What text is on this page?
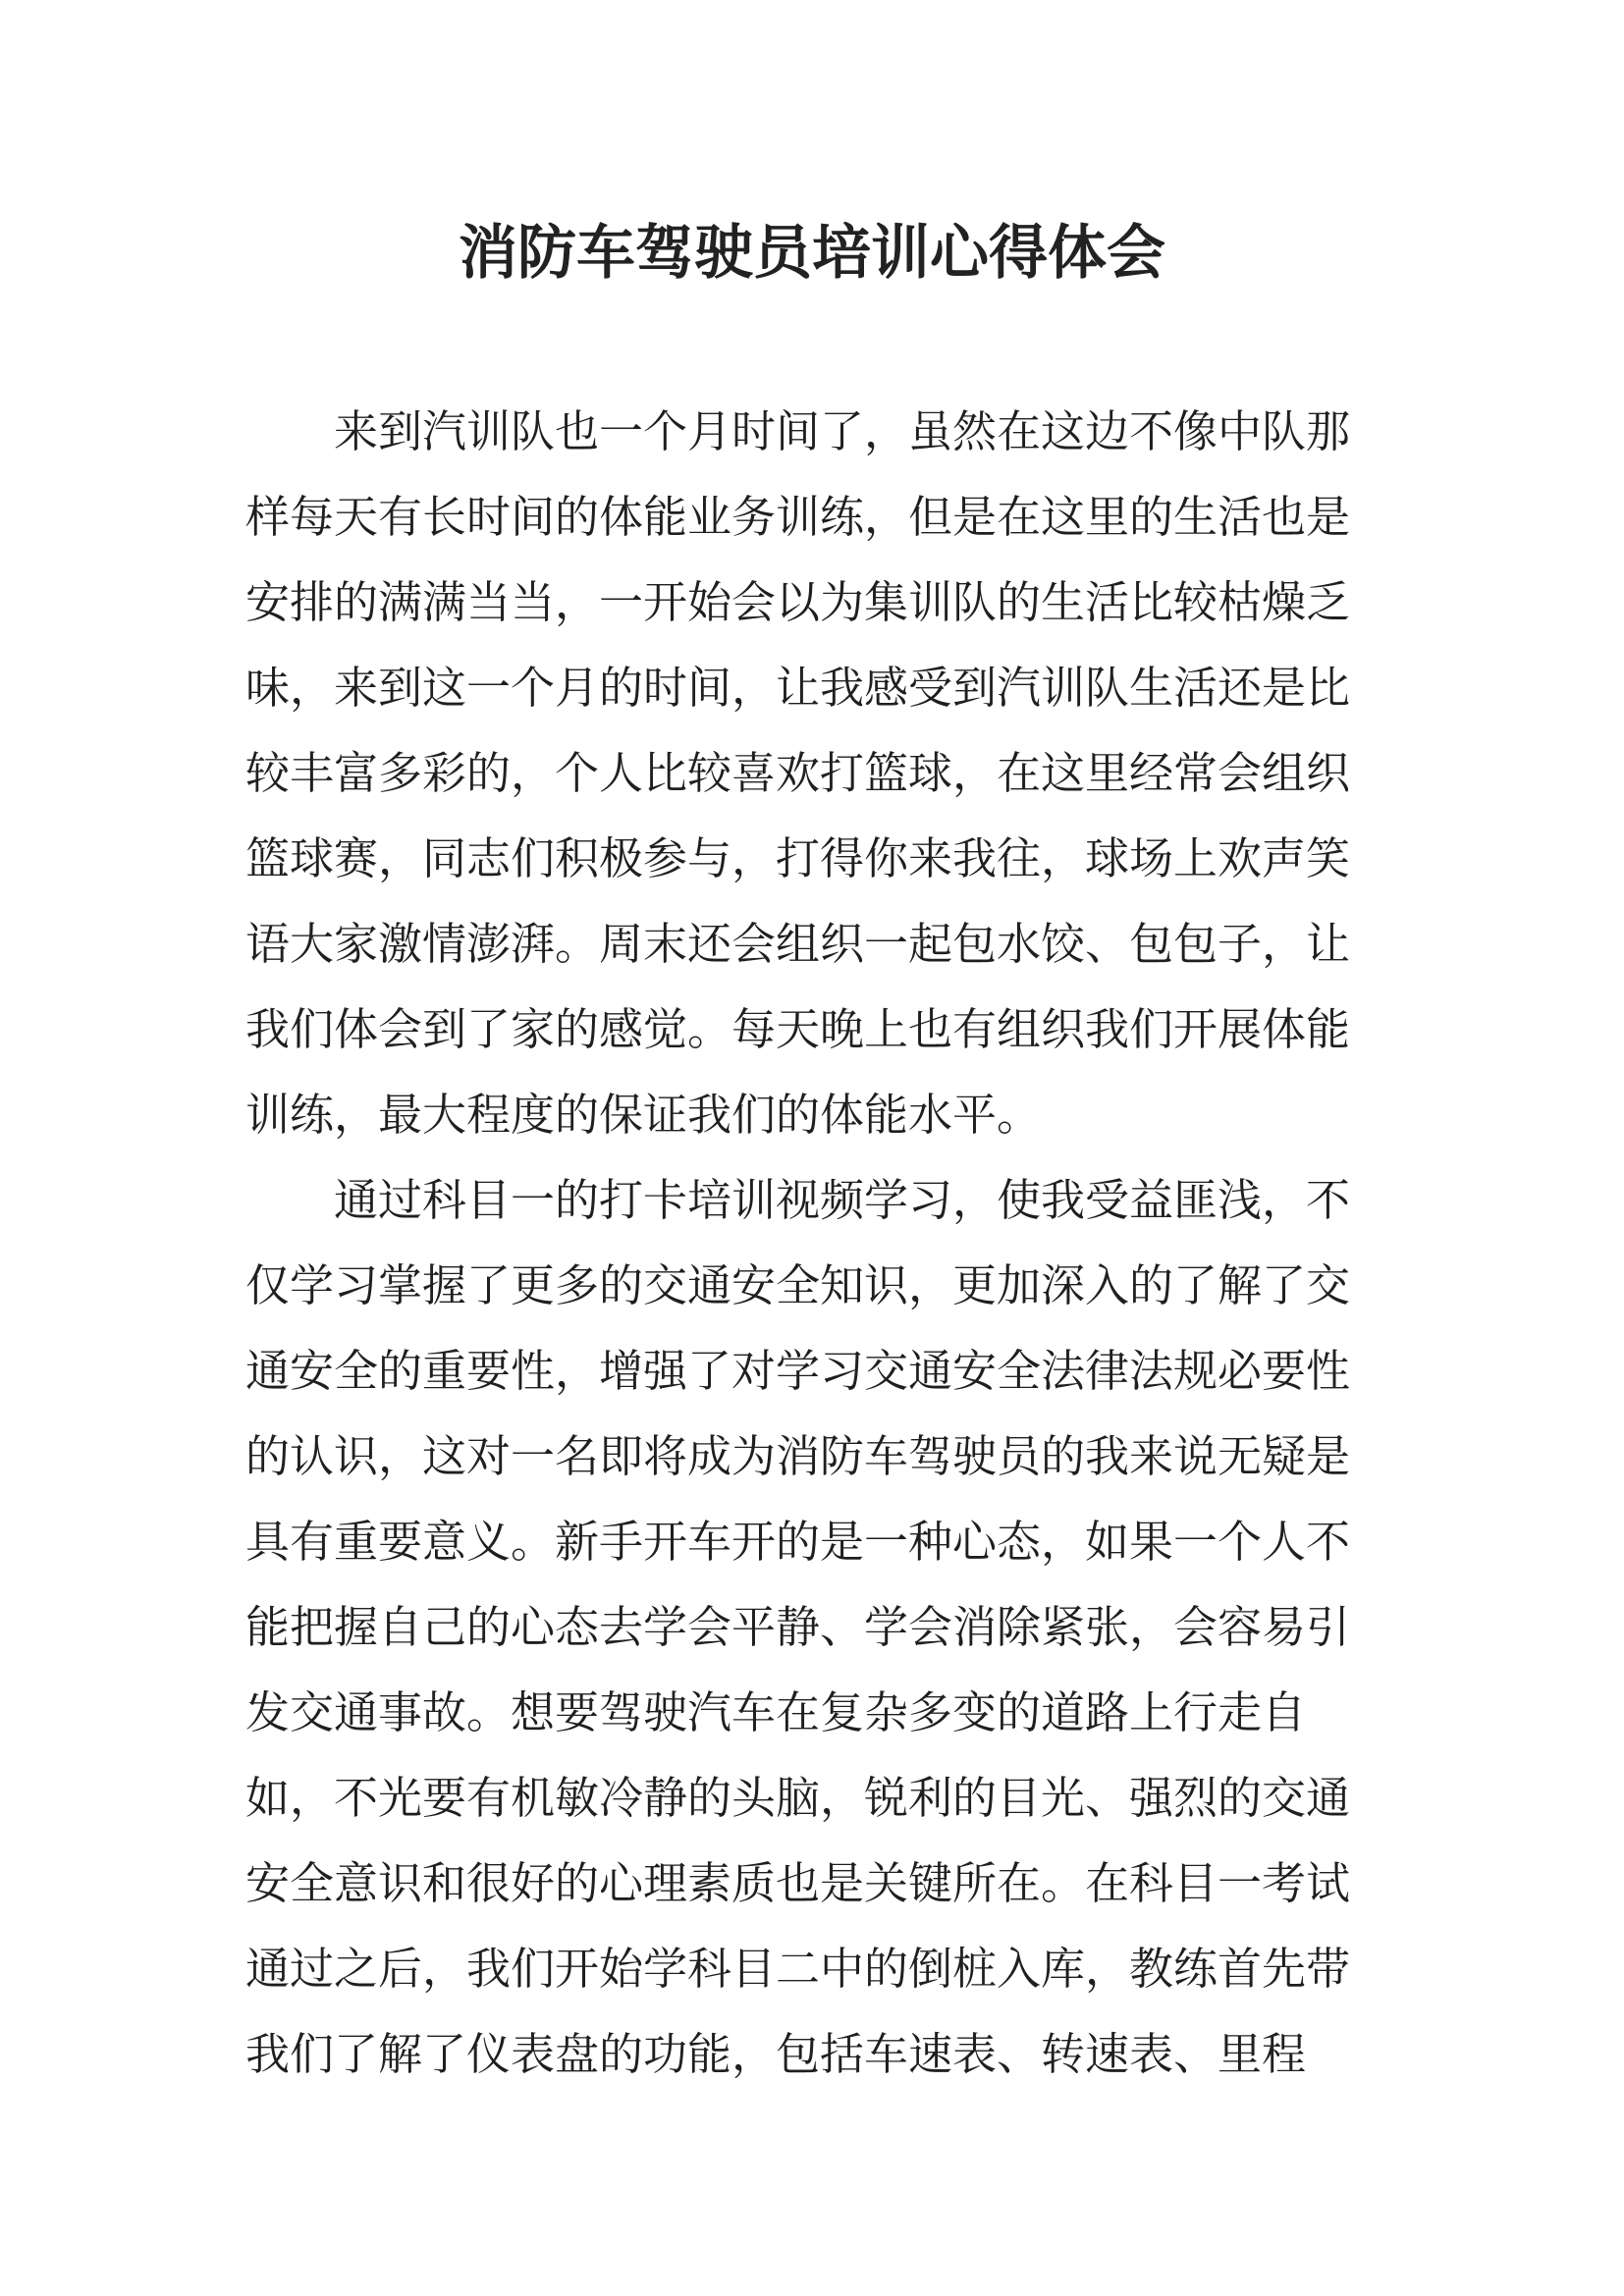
消防车驾驶员培训心得体会
来到汽训队也一个月时间了，虽然在这边不像中队那
样每天有长时间的体能业务训练，但是在这里的生活也是
安排的满满当当，一开始会以为集训队的生活比较枯燥乏
味，来到这一个月的时间，让我感受到汽训队生活还是比
较丰富多彩的，个人比较喜欢打篮球，在这里经常会组织
篮球赛，同志们积极参与，打得你来我往，球场上欢声笑
语大家激情澎湃。周末还会组织一起包水饺、包包子，让
我们体会到了家的感觉。每天晚上也有组织我们开展体能
训练，最大程度的保证我们的体能水平。
通过科目一的打卡培训视频学习，使我受益匪浅，不
仅学习掌握了更多的交通安全知识，更加深入的了解了交
通安全的重要性，增强了对学习交通安全法律法规必要性
的认识，这对一名即将成为消防车驾驶员的我来说无疑是
具有重要意义。新手开车开的是一种心态，如果一个人不
能把握自己的心态去学会平静、学会消除紧张，会容易引
发交通事故。想要驾驶汽车在复杂多变的道路上行走自
如，不光要有机敏冷静的头脑，锐利的目光、强烈的交通
安全意识和很好的心理素质也是关键所在。在科目一考试
通过之后，我们开始学科目二中的倒桩入库，教练首先带
我们了解了仪表盘的功能，包括车速表、转速表、里程
